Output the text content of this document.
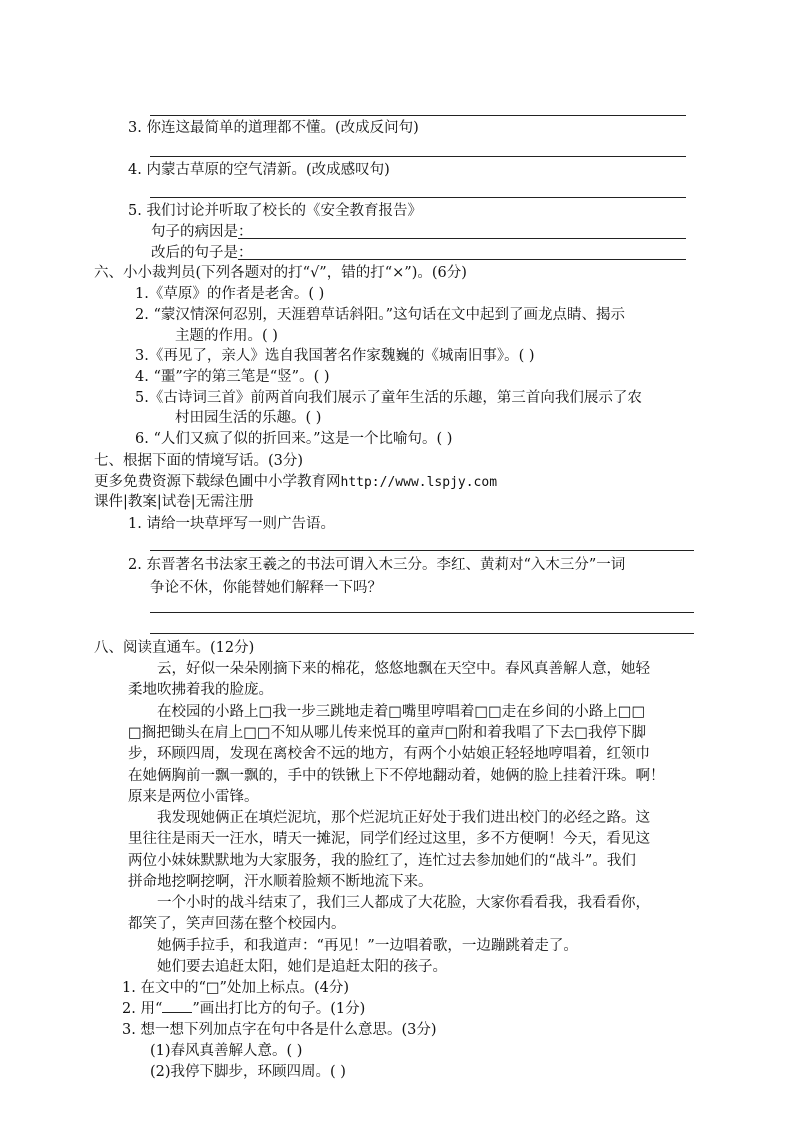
3. 你连这最简单的道理都不懂。(改成反问句)
4. 内蒙古草原的空气清新。(改成感叹句)
5. 我们讨论并听取了校长的《安全教育报告》
句子的病因是：
改后的句子是：
六、小小裁判员(下列各题对的打“√”，错的打“×”)。(6分)
1.《草原》的作者是老舍。( )
2. “蒙汉情深何忍别，天涯碧草话斜阳。”这句话在文中起到了画龙点睛、揭示
主题的作用。( )
3.《再见了，亲人》选自我国著名作家魏巍的《城南旧事》。( )
4. “噩”字的第三笔是“竖”。( )
5.《古诗词三首》前两首向我们展示了童年生活的乐趣，第三首向我们展示了农
村田园生活的乐趣。( )
6. “人们又疯了似的折回来。”这是一个比喻句。( )
七、根据下面的情境写话。(3分)
更多免费资源下载绿色圃中小学教育网http://www.lspjy.com
课件|教案|试卷|无需注册
1. 请给一块草坪写一则广告语。
2. 东晋著名书法家王羲之的书法可谓入木三分。李红、黄莉对“入木三分”一词
争论不休，你能替她们解释一下吗？
八、阅读直通车。(12分)
云，好似一朵朵刚摘下来的棉花，悠悠地飘在天空中。春风真善解人意，她轻
柔地吹拂着我的脸庞。
在校园的小路上□我一步三跳地走着□嘴里哼唱着□□走在乡间的小路上□□
□搁把锄头在肩上□□不知从哪儿传来悦耳的童声□附和着我唱了下去□我停下脚
步，环顾四周，发现在离校舍不远的地方，有两个小姑娘正轻轻地哼唱着，红领巾
在她俩胸前一飘一飘的，手中的铁锹上下不停地翻动着，她俩的脸上挂着汗珠。啊！
原来是两位小雷锋。
我发现她俩正在填烂泥坑，那个烂泥坑正好处于我们进出校门的必经之路。这
里往往是雨天一汪水，晴天一摊泥，同学们经过这里，多不方便啊！今天，看见这
两位小妹妹默默地为大家服务，我的脸红了，连忙过去参加她们的“战斗”。我们
拼命地挖啊挖啊，汗水顺着脸颊不断地流下来。
一个小时的战斗结束了，我们三人都成了大花脸，大家你看看我，我看看你，
都笑了，笑声回荡在整个校园内。
她俩手拉手，和我道声：“再见！”一边唱着歌，一边蹦跳着走了。
她们要去追赶太阳，她们是追赶太阳的孩子。
1. 在文中的“□”处加上标点。(4分)
2. 用“ ”画出打比方的句子。(1分)
3. 想一想下列加点字在句中各是什么意思。(3分)
(1)春风真善解人意。( )
(2)我停下脚步，环顾四周。( )
